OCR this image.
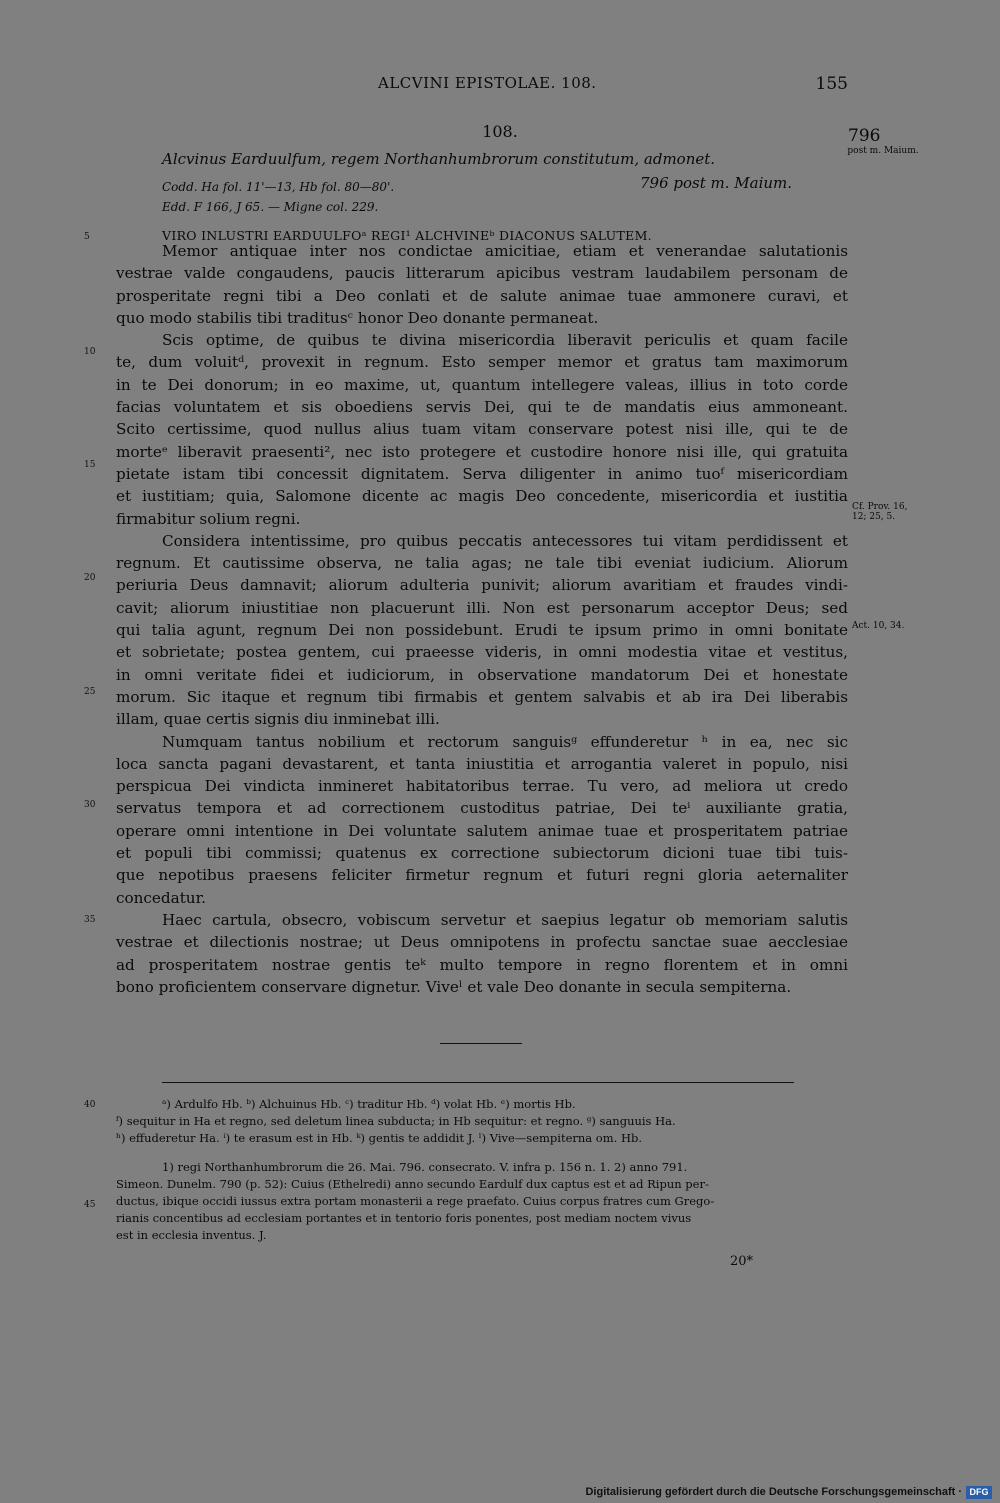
ALCVINI EPISTOLAE. 108.	155
108.	796
post m. Maium.
Alcvinus Earduulfum, regem Northanhumbrorum constitutum, admonet.
Codd. Ha fol. 11'—13, Hb fol. 80—80'.	796 post m. Maium.
Edd. F 166, J 65. — Migne col. 229.
VIRO INLUSTRI EARDUULFOᵃ REGI¹ ALCHVINEᵇ DIACONUS SALUTEM.
5
10
15
20
25
30
35
40
45
Cf. Prov. 16, 12; 25, 5.
Act. 10, 34.
Memor antiquae inter nos condictae amicitiae, etiam et venerandae salutationis
vestrae valde congaudens, paucis litterarum apicibus vestram laudabilem personam de
prosperitate regni tibi a Deo conlati et de salute animae tuae ammonere curavi, et
quo modo stabilis tibi traditusᶜ honor Deo donante permaneat.
Scis optime, de quibus te divina misericordia liberavit periculis et quam facile
te, dum voluitᵈ, provexit in regnum. Esto semper memor et gratus tam maximorum
in te Dei donorum; in eo maxime, ut, quantum intellegere valeas, illius in toto corde
facias voluntatem et sis oboediens servis Dei, qui te de mandatis eius ammoneant.
Scito certissime, quod nullus alius tuam vitam conservare potest nisi ille, qui te de
morteᵉ liberavit praesenti², nec isto protegere et custodire honore nisi ille, qui gratuita
pietate istam tibi concessit dignitatem. Serva diligenter in animo tuoᶠ misericordiam
et iustitiam; quia, Salomone dicente ac magis Deo concedente, misericordia et iustitia
firmabitur solium regni.
Considera intentissime, pro quibus peccatis antecessores tui vitam perdidissent et
regnum. Et cautissime observa, ne talia agas; ne tale tibi eveniat iudicium. Aliorum
periuria Deus damnavit; aliorum adulteria punivit; aliorum avaritiam et fraudes vindi-
cavit; aliorum iniustitiae non placuerunt illi. Non est personarum acceptor Deus; sed
qui talia agunt, regnum Dei non possidebunt. Erudi te ipsum primo in omni bonitate
et sobrietate; postea gentem, cui praeesse videris, in omni modestia vitae et vestitus,
in omni veritate fidei et iudiciorum, in observatione mandatorum Dei et honestate
morum. Sic itaque et regnum tibi firmabis et gentem salvabis et ab ira Dei liberabis
illam, quae certis signis diu inminebat illi.
Numquam tantus nobilium et rectorum sanguisᵍ effunderetur ʰ in ea, nec sic
loca sancta pagani devastarent, et tanta iniustitia et arrogantia valeret in populo, nisi
perspicua Dei vindicta inmineret habitatoribus terrae. Tu vero, ad meliora ut credo
servatus tempora et ad correctionem custoditus patriae, Dei teⁱ auxiliante gratia,
operare omni intentione in Dei voluntate salutem animae tuae et prosperitatem patriae
et populi tibi commissi; quatenus ex correctione subiectorum dicioni tuae tibi tuis-
que nepotibus praesens feliciter firmetur regnum et futuri regni gloria aeternaliter
concedatur.
Haec cartula, obsecro, vobiscum servetur et saepius legatur ob memoriam salutis
vestrae et dilectionis nostrae; ut Deus omnipotens in profectu sanctae suae aecclesiae
ad prosperitatem nostrae gentis teᵏ multo tempore in regno florentem et in omni
bono proficientem conservare dignetur. Viveˡ et vale Deo donante in secula sempiterna.
ᵃ) Ardulfo Hb. ᵇ) Alchuinus Hb. ᶜ) traditur Hb. ᵈ) volat Hb. ᵉ) mortis Hb.
ᶠ) sequitur in Ha et regno, sed deletum linea subducta; in Hb sequitur: et regno. ᵍ) sanguuis Ha.
ʰ) effuderetur Ha. ⁱ) te erasum est in Hb. ᵏ) gentis te addidit J. ˡ) Vive—sempiterna om. Hb.
1) regi Northanhumbrorum die 26. Mai. 796. consecrato. V. infra p. 156 n. 1. 2) anno 791.
Simeon. Dunelm. 790 (p. 52): Cuius (Ethelredi) anno secundo Eardulf dux captus est et ad Ripun per-
ductus, ibique occidi iussus extra portam monasterii a rege praefato. Cuius corpus fratres cum Grego-
rianis concentibus ad ecclesiam portantes et in tentorio foris ponentes, post mediam noctem vivus
est in ecclesia inventus. J.
20*
Digitalisierung gefördert durch die Deutsche Forschungsgemeinschaft · DFG
